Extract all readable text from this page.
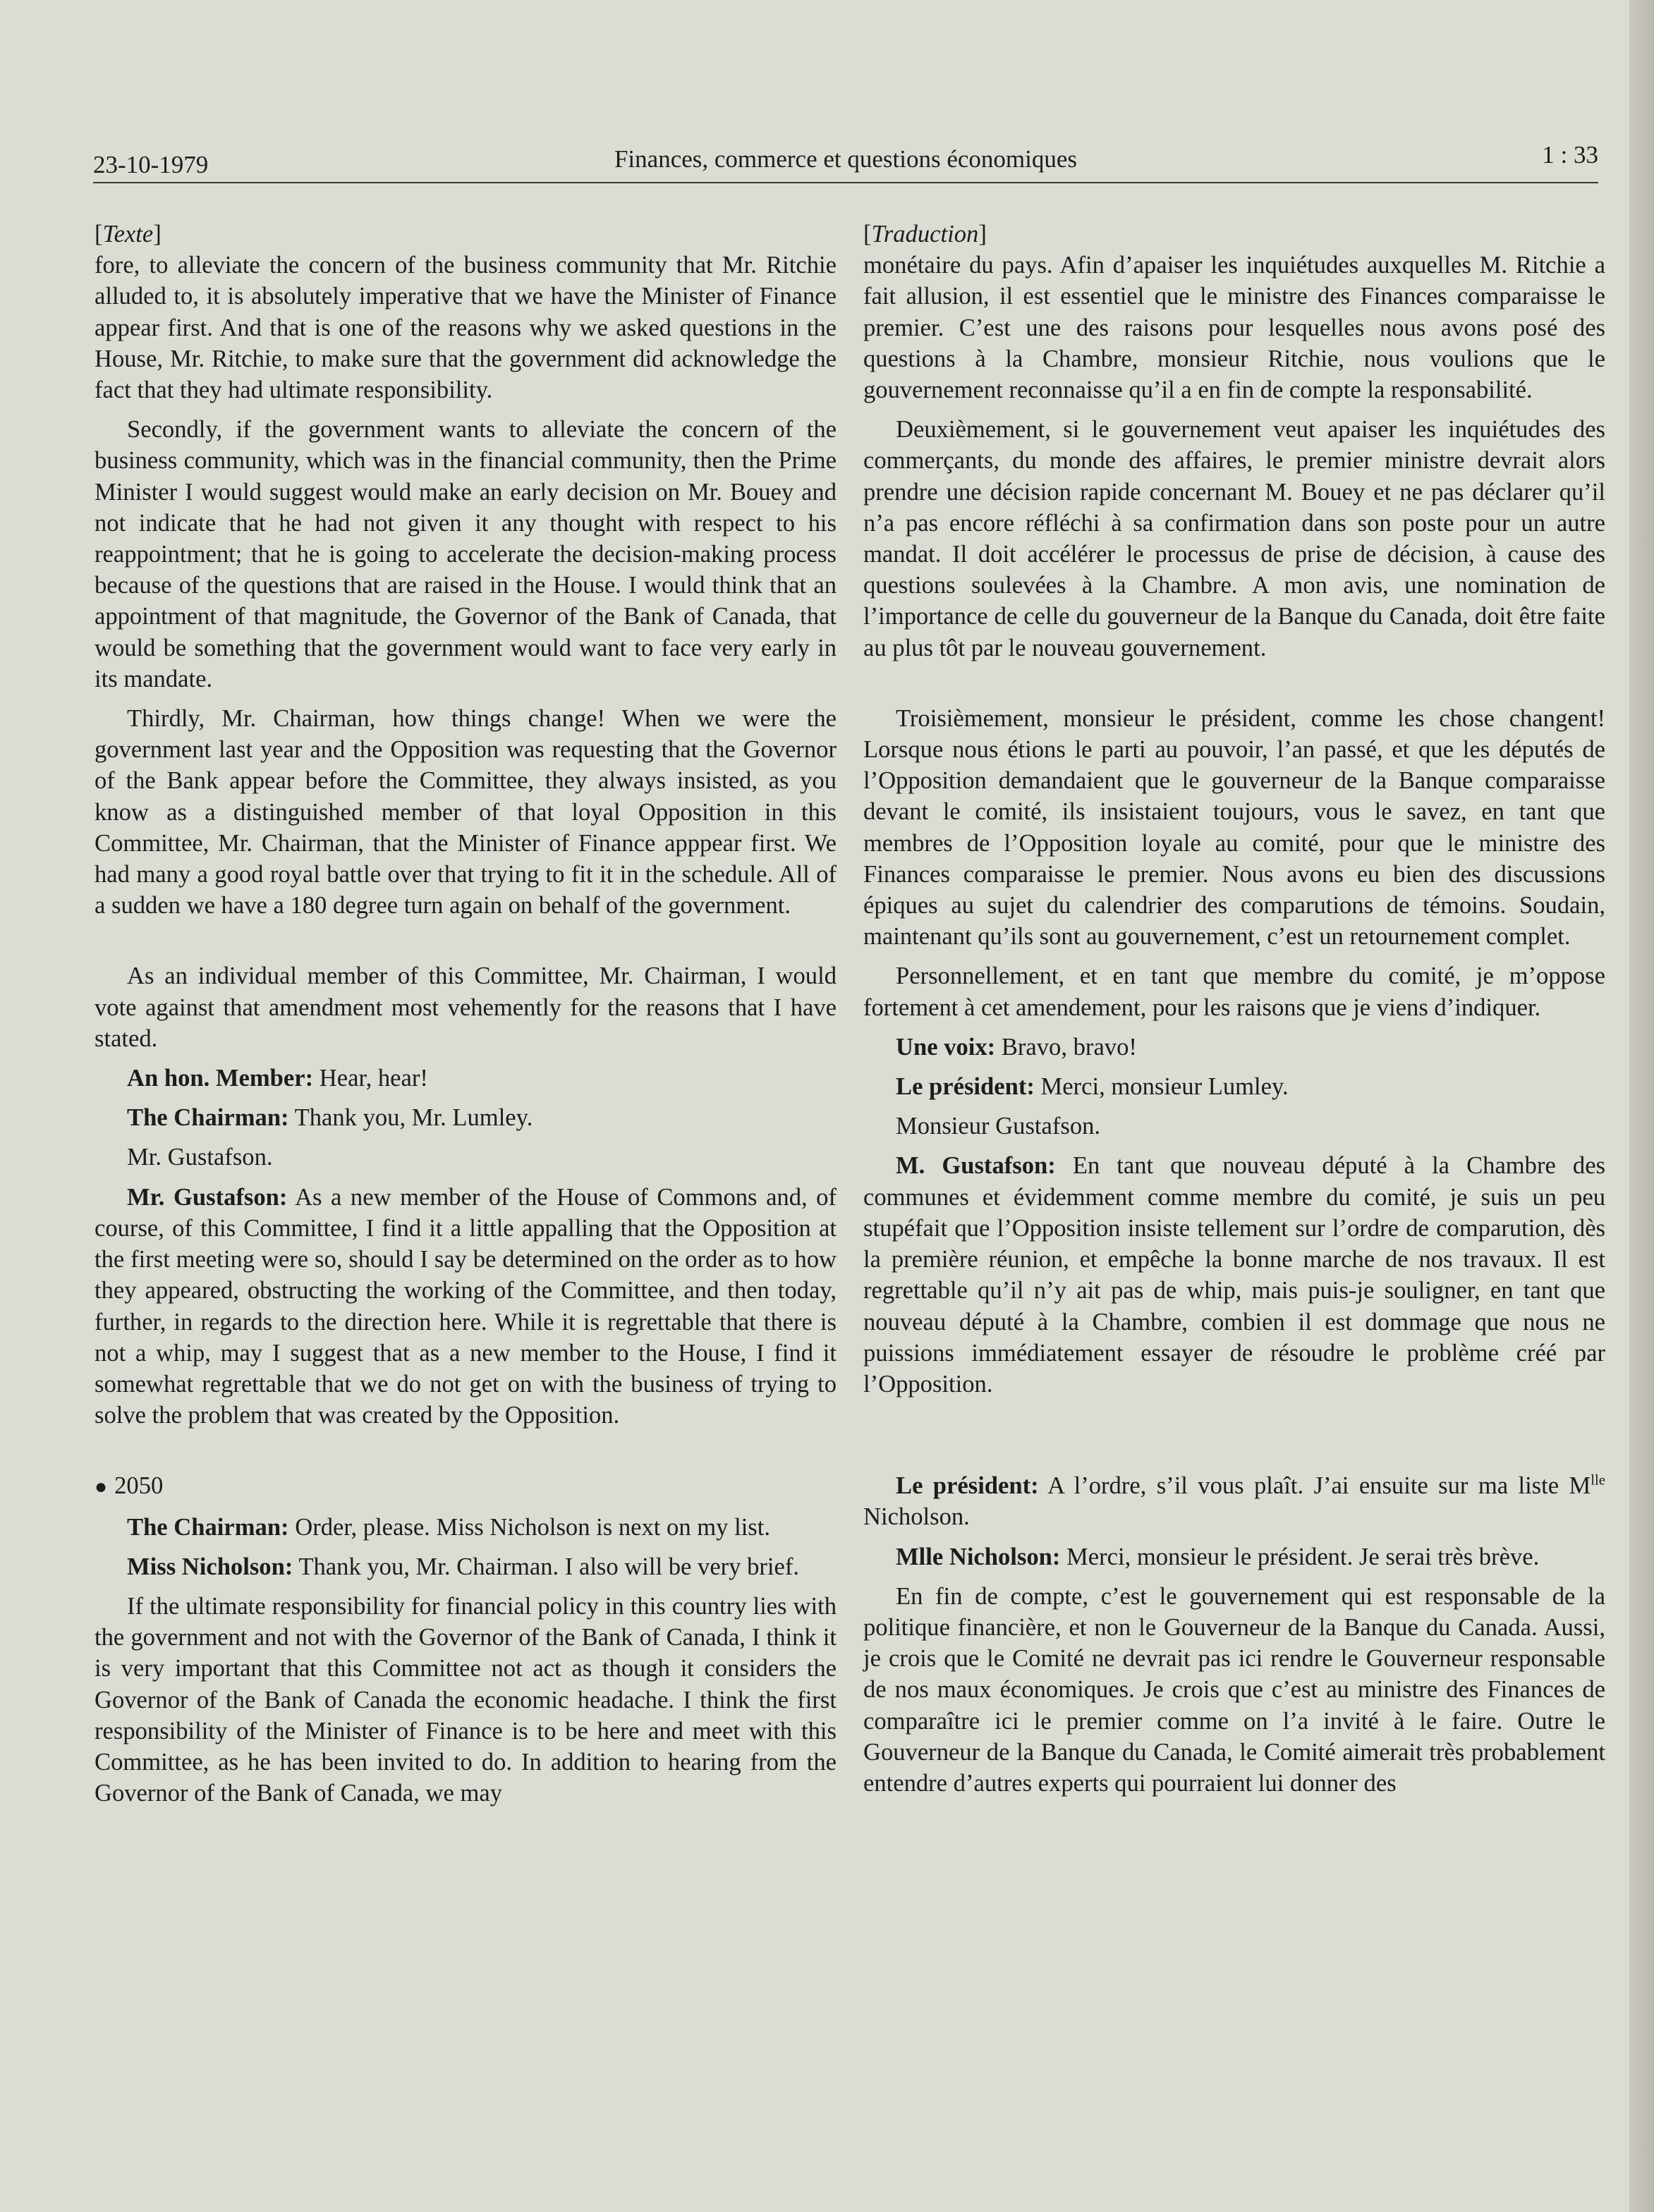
23-10-1979	Finances, commerce et questions économiques	1 : 33

[Texte]

fore, to alleviate the concern of the business community that Mr. Ritchie alluded to, it is absolutely imperative that we have the Minister of Finance appear first. And that is one of the reasons why we asked questions in the House, Mr. Ritchie, to make sure that the government did acknowledge the fact that they had ultimate responsibility.

Secondly, if the government wants to alleviate the concern of the business community, which was in the financial community, then the Prime Minister I would suggest would make an early decision on Mr. Bouey and not indicate that he had not given it any thought with respect to his reappointment; that he is going to accelerate the decision-making process because of the questions that are raised in the House. I would think that an appointment of that magnitude, the Governor of the Bank of Canada, that would be something that the government would want to face very early in its mandate.

Thirdly, Mr. Chairman, how things change! When we were the government last year and the Opposition was requesting that the Governor of the Bank appear before the Committee, they always insisted, as you know as a distinguished member of that loyal Opposition in this Committee, Mr. Chairman, that the Minister of Finance apppear first. We had many a good royal battle over that trying to fit it in the schedule. All of a sudden we have a 180 degree turn again on behalf of the government.

As an individual member of this Committee, Mr. Chairman, I would vote against that amendment most vehemently for the reasons that I have stated.

An hon. Member: Hear, hear!

The Chairman: Thank you, Mr. Lumley.

Mr. Gustafson.

Mr. Gustafson: As a new member of the House of Commons and, of course, of this Committee, I find it a little appalling that the Opposition at the first meeting were so, should I say be determined on the order as to how they appeared, obstructing the working of the Committee, and then today, further, in regards to the direction here. While it is regrettable that there is not a whip, may I suggest that as a new member to the House, I find it somewhat regrettable that we do not get on with the business of trying to solve the problem that was created by the Opposition.

● 2050

The Chairman: Order, please. Miss Nicholson is next on my list.

Miss Nicholson: Thank you, Mr. Chairman. I also will be very brief.

If the ultimate responsibility for financial policy in this country lies with the government and not with the Governor of the Bank of Canada, I think it is very important that this Committee not act as though it considers the Governor of the Bank of Canada the economic headache. I think the first responsibility of the Minister of Finance is to be here and meet with this Committee, as he has been invited to do. In addition to hearing from the Governor of the Bank of Canada, we may

[Traduction]

monétaire du pays. Afin d’apaiser les inquiétudes auxquelles M. Ritchie a fait allusion, il est essentiel que le ministre des Finances comparaisse le premier. C’est une des raisons pour lesquelles nous avons posé des questions à la Chambre, monsieur Ritchie, nous voulions que le gouvernement reconnaisse qu’il a en fin de compte la responsabilité.

Deuxièmement, si le gouvernement veut apaiser les inquiétudes des commerçants, du monde des affaires, le premier ministre devrait alors prendre une décision rapide concernant M. Bouey et ne pas déclarer qu’il n’a pas encore réfléchi à sa confirmation dans son poste pour un autre mandat. Il doit accélérer le processus de prise de décision, à cause des questions soulevées à la Chambre. A mon avis, une nomination de l’importance de celle du gouverneur de la Banque du Canada, doit être faite au plus tôt par le nouveau gouvernement.

Troisièmement, monsieur le président, comme les chose changent! Lorsque nous étions le parti au pouvoir, l’an passé, et que les députés de l’Opposition demandaient que le gouverneur de la Banque comparaisse devant le comité, ils insistaient toujours, vous le savez, en tant que membres de l’Opposition loyale au comité, pour que le ministre des Finances comparaisse le premier. Nous avons eu bien des discussions épiques au sujet du calendrier des comparutions de témoins. Soudain, maintenant qu’ils sont au gouvernement, c’est un retournement complet.

Personnellement, et en tant que membre du comité, je m’oppose fortement à cet amendement, pour les raisons que je viens d’indiquer.

Une voix: Bravo, bravo!

Le président: Merci, monsieur Lumley.

Monsieur Gustafson.

M. Gustafson: En tant que nouveau député à la Chambre des communes et évidemment comme membre du comité, je suis un peu stupéfait que l’Opposition insiste tellement sur l’ordre de comparution, dès la première réunion, et empêche la bonne marche de nos travaux. Il est regrettable qu’il n’y ait pas de whip, mais puis-je souligner, en tant que nouveau député à la Chambre, combien il est dommage que nous ne puissions immédiatement essayer de résoudre le problème créé par l’Opposition.

Le président: A l’ordre, s’il vous plaît. J’ai ensuite sur ma liste $M^{lle}$ Nicholson.

Mlle Nicholson: Merci, monsieur le président. Je serai très brève.

En fin de compte, c’est le gouvernement qui est responsable de la politique financière, et non le Gouverneur de la Banque du Canada. Aussi, je crois que le Comité ne devrait pas ici rendre le Gouverneur responsable de nos maux économiques. Je crois que c’est au ministre des Finances de comparaître ici le premier comme on l’a invité à le faire. Outre le Gouverneur de la Banque du Canada, le Comité aimerait très probablement entendre d’autres experts qui pourraient lui donner des
